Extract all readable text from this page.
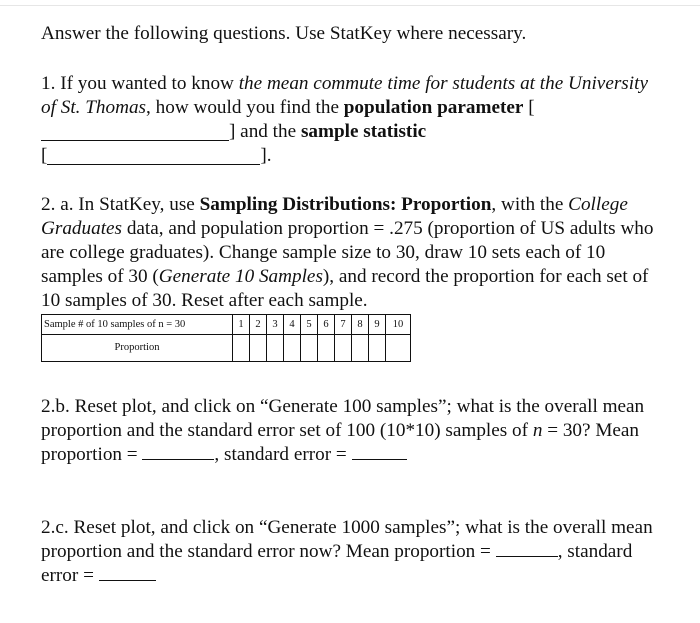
Answer the following questions. Use StatKey where necessary.

1. If you wanted to know the mean commute time for students at the University of St. Thomas, how would you find the population parameter [] and the sample statistic
[	].

2. a. In StatKey, use Sampling Distributions: Proportion, with the College Graduates data, and population proportion = .275 (proportion of US adults who are college graduates). Change sample size to 30, draw 10 sets each of 10 samples of 30 (Generate 10 Samples), and record the proportion for each set of 10 samples of 30. Reset after each sample.

Sample # of 10 samples of n = 30	1	2	3	4	5	6	7	8	9	10
Proportion										

2.b. Reset plot, and click on “Generate 100 samples”; what is the overall mean proportion and the standard error set of 100 (10*10) samples of n = 30? Mean proportion =	, standard error =

2.c. Reset plot, and click on “Generate 1000 samples”; what is the overall mean proportion and the standard error now? Mean proportion =	, standard error =
